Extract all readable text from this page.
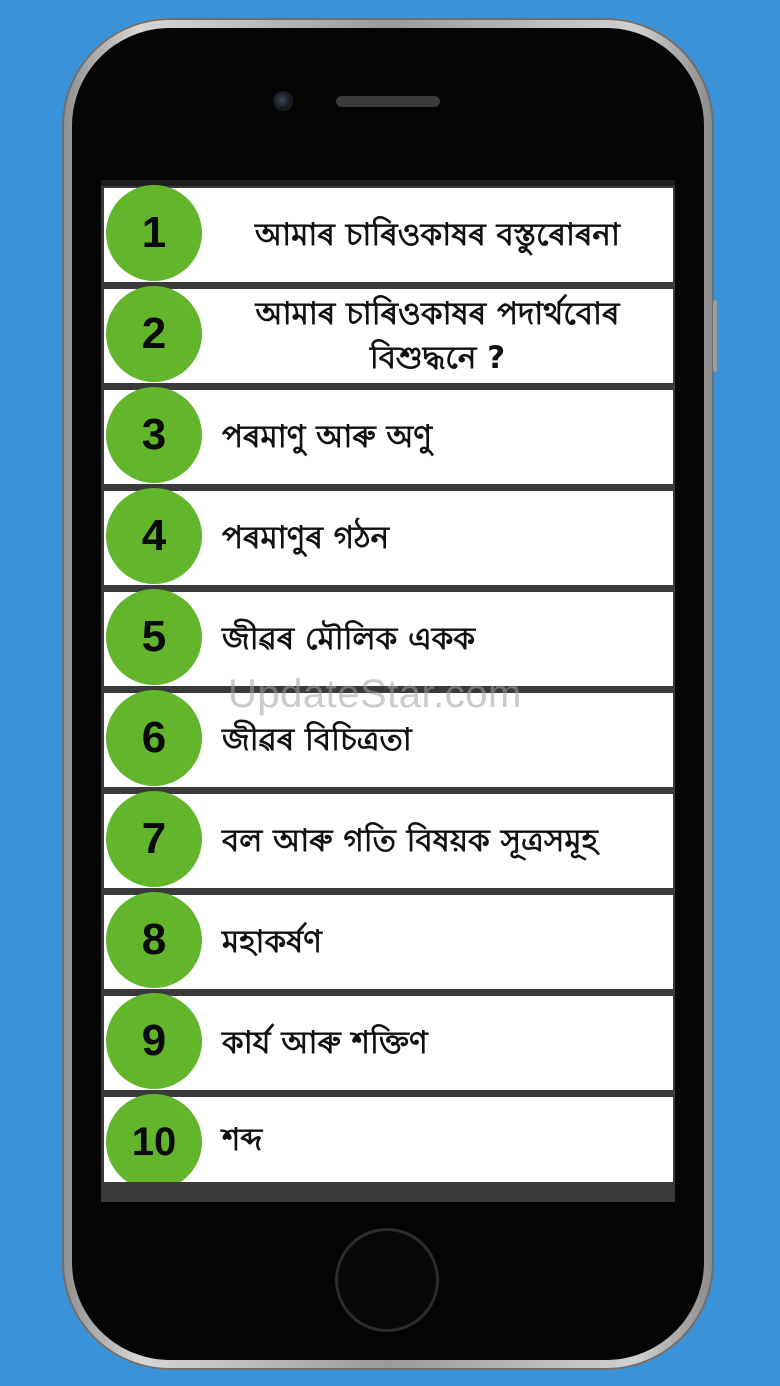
1	আমাৰ চাৰিওকাষৰ বস্তুৰোৰনা
2	আমাৰ চাৰিওকাষৰ পদাৰ্থবোৰ বিশুদ্ধনে ?
3	পৰমাণু আৰু অণু
4	পৰমাণুৰ গঠন
5	জীৱৰ মৌলিক একক
6	জীৱৰ বিচিত্ৰতা
7	বল আৰু গতি বিষয়ক সূত্ৰসমূহ
8	মহাকৰ্ষণ
9	কাৰ্য আৰু শক্তিণ
10	শব্দ
UpdateStar.com
